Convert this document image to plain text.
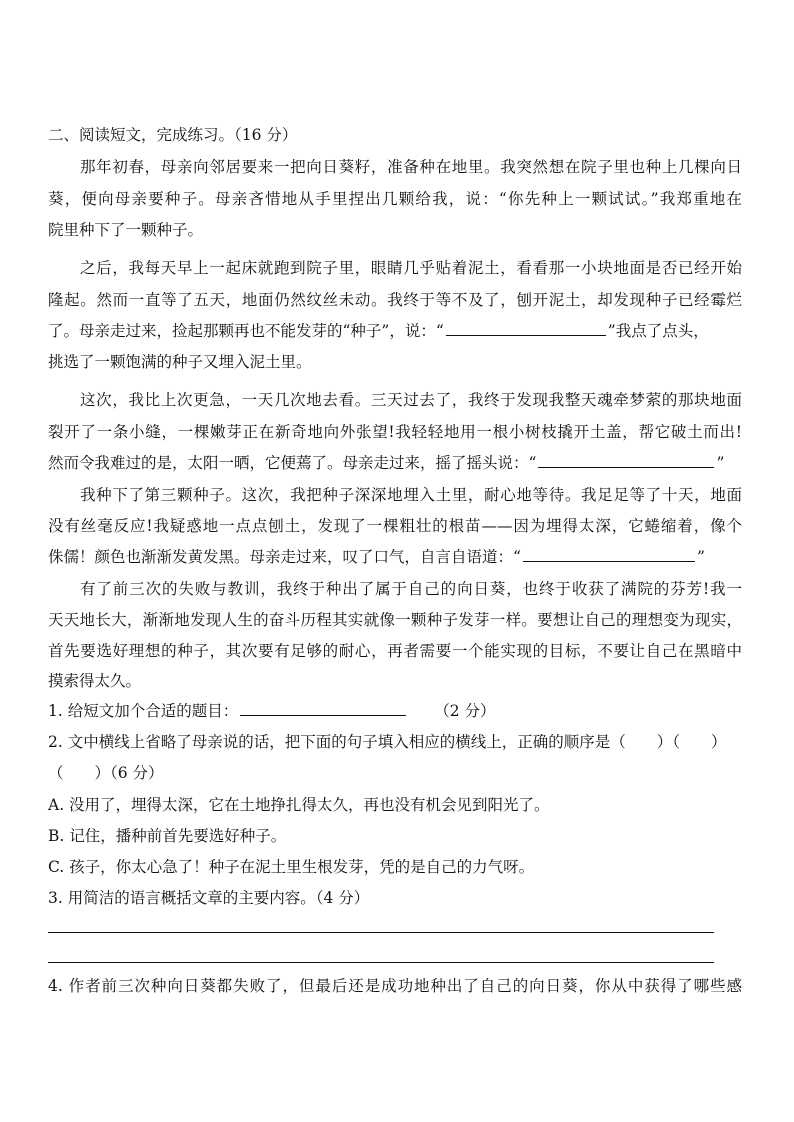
二、阅读短文，完成练习。（16 分）
那年初春，母亲向邻居要来一把向日葵籽，准备种在地里。我突然想在院子里也种上几棵向日
葵，便向母亲要种子。母亲吝惜地从手里捏出几颗给我，说：“你先种上一颗试试。”我郑重地在
院里种下了一颗种子。
之后，我每天早上一起床就跑到院子里，眼睛几乎贴着泥土，看看那一小块地面是否已经开始
隆起。然而一直等了五天，地面仍然纹丝未动。我终于等不及了，刨开泥土，却发现种子已经霉烂
了。母亲走过来，捡起那颗再也不能发芽的“种子”，说：“	”我点了点头，
挑选了一颗饱满的种子又埋入泥土里。
这次，我比上次更急，一天几次地去看。三天过去了，我终于发现我整天魂牵梦萦的那块地面
裂开了一条小缝，一棵嫩芽正在新奇地向外张望!我轻轻地用一根小树枝撬开土盖，帮它破土而出!
然而令我难过的是，太阳一晒，它便蔫了。母亲走过来，摇了摇头说：“	”
我种下了第三颗种子。这次，我把种子深深地埋入土里，耐心地等待。我足足等了十天，地面
没有丝毫反应!我疑惑地一点点刨土，发现了一棵粗壮的根苗——因为埋得太深，它蜷缩着，像个
侏儒！颜色也渐渐发黄发黑。母亲走过来，叹了口气，自言自语道：“	”
有了前三次的失败与教训，我终于种出了属于自己的向日葵，也终于收获了满院的芬芳!我一
天天地长大，渐渐地发现人生的奋斗历程其实就像一颗种子发芽一样。要想让自己的理想变为现实，
首先要选好理想的种子，其次要有足够的耐心，再者需要一个能实现的目标，不要让自己在黑暗中
摸索得太久。
1. 给短文加个合适的题目：	（2 分）
2. 文中横线上省略了母亲说的话，把下面的句子填入相应的横线上，正确的顺序是（　　）（　　）
（　　）（6 分）
A. 没用了，埋得太深，它在土地挣扎得太久，再也没有机会见到阳光了。
B. 记住，播种前首先要选好种子。
C. 孩子，你太心急了！种子在泥土里生根发芽，凭的是自己的力气呀。
3. 用简洁的语言概括文章的主要内容。（4 分）
4. 作者前三次种向日葵都失败了，但最后还是成功地种出了自己的向日葵，你从中获得了哪些感
